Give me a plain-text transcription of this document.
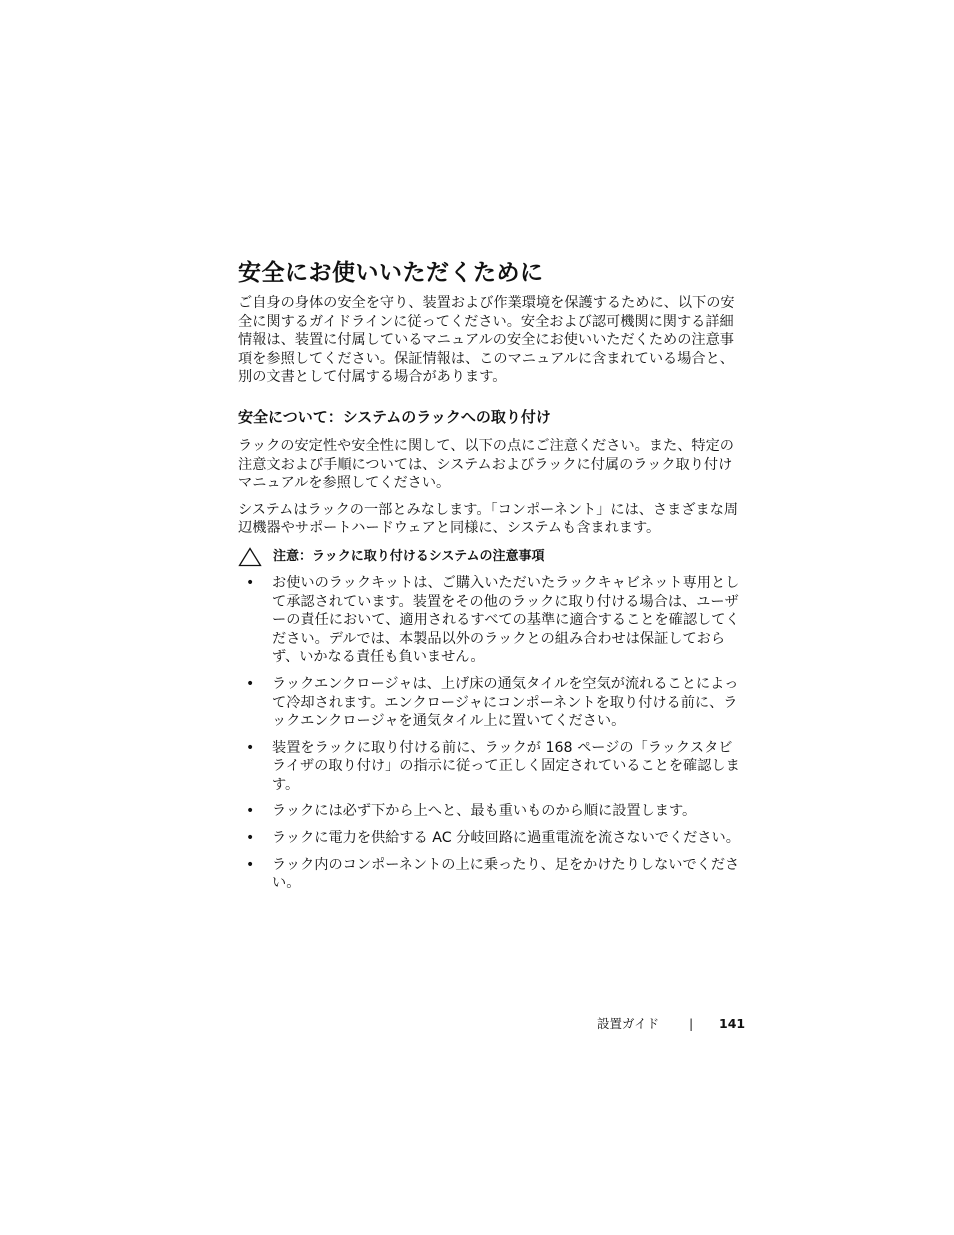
安全にお使いいただくために

ご自身の身体の安全を守り、装置および作業環境を保護するために、以下の安全に関するガイドラインに従ってください。安全および認可機関に関する詳細情報は、装置に付属しているマニュアルの安全にお使いいただくための注意事項を参照してください。保証情報は、このマニュアルに含まれている場合と、別の文書として付属する場合があります。

安全について：システムのラックへの取り付け

ラックの安定性や安全性に関して、以下の点にご注意ください。また、特定の注意文および手順については、システムおよびラックに付属のラック取り付けマニュアルを参照してください。

システムはラックの一部とみなします。「コンポーネント」には、さまざまな周辺機器やサポートハードウェアと同様に、システムも含まれます。

注意：ラックに取り付けるシステムの注意事項
• お使いのラックキットは、ご購入いただいたラックキャビネット専用として承認されています。装置をその他のラックに取り付ける場合は、ユーザーの責任において、適用されるすべての基準に適合することを確認してください。デルでは、本製品以外のラックとの組み合わせは保証しておらず、いかなる責任も負いません。
• ラックエンクロージャは、上げ床の通気タイルを空気が流れることによって冷却されます。エンクロージャにコンポーネントを取り付ける前に、ラックエンクロージャを通気タイル上に置いてください。
• 装置をラックに取り付ける前に、ラックが 168 ページの「ラックスタビライザの取り付け」の指示に従って正しく固定されていることを確認します。
• ラックには必ず下から上へと、最も重いものから順に設置します。
• ラックに電力を供給する AC 分岐回路に過重電流を流さないでください。
• ラック内のコンポーネントの上に乗ったり、足をかけたりしないでください。
設置ガイド | 141
